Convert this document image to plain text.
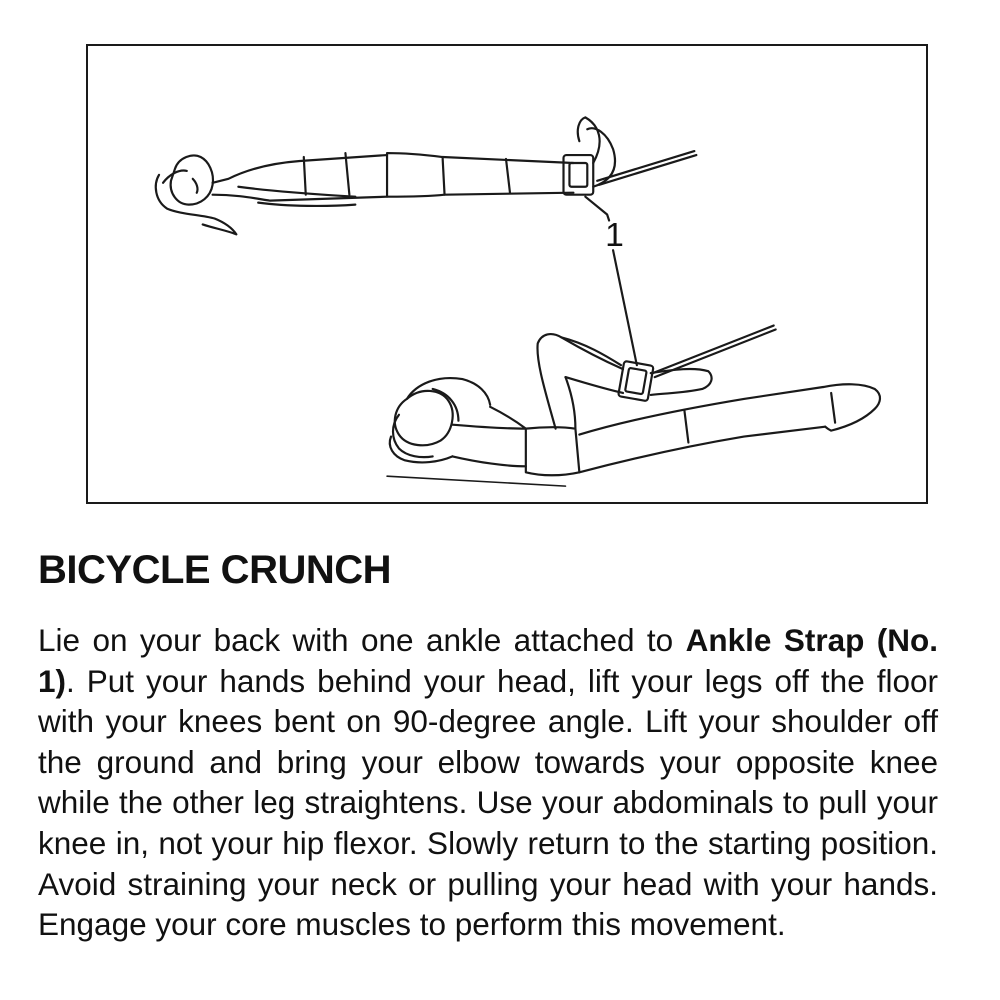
1
BICYCLE CRUNCH

Lie on your back with one ankle attached to Ankle Strap (No. 1). Put your hands behind your head, lift your legs off the floor with your knees bent on 90-degree angle. Lift your shoulder off the ground and bring your elbow towards your opposite knee while the other leg straightens. Use your abdominals to pull your knee in, not your hip flexor. Slowly return to the starting position. Avoid straining your neck or pulling your head with your hands. Engage your core muscles to perform this movement.
